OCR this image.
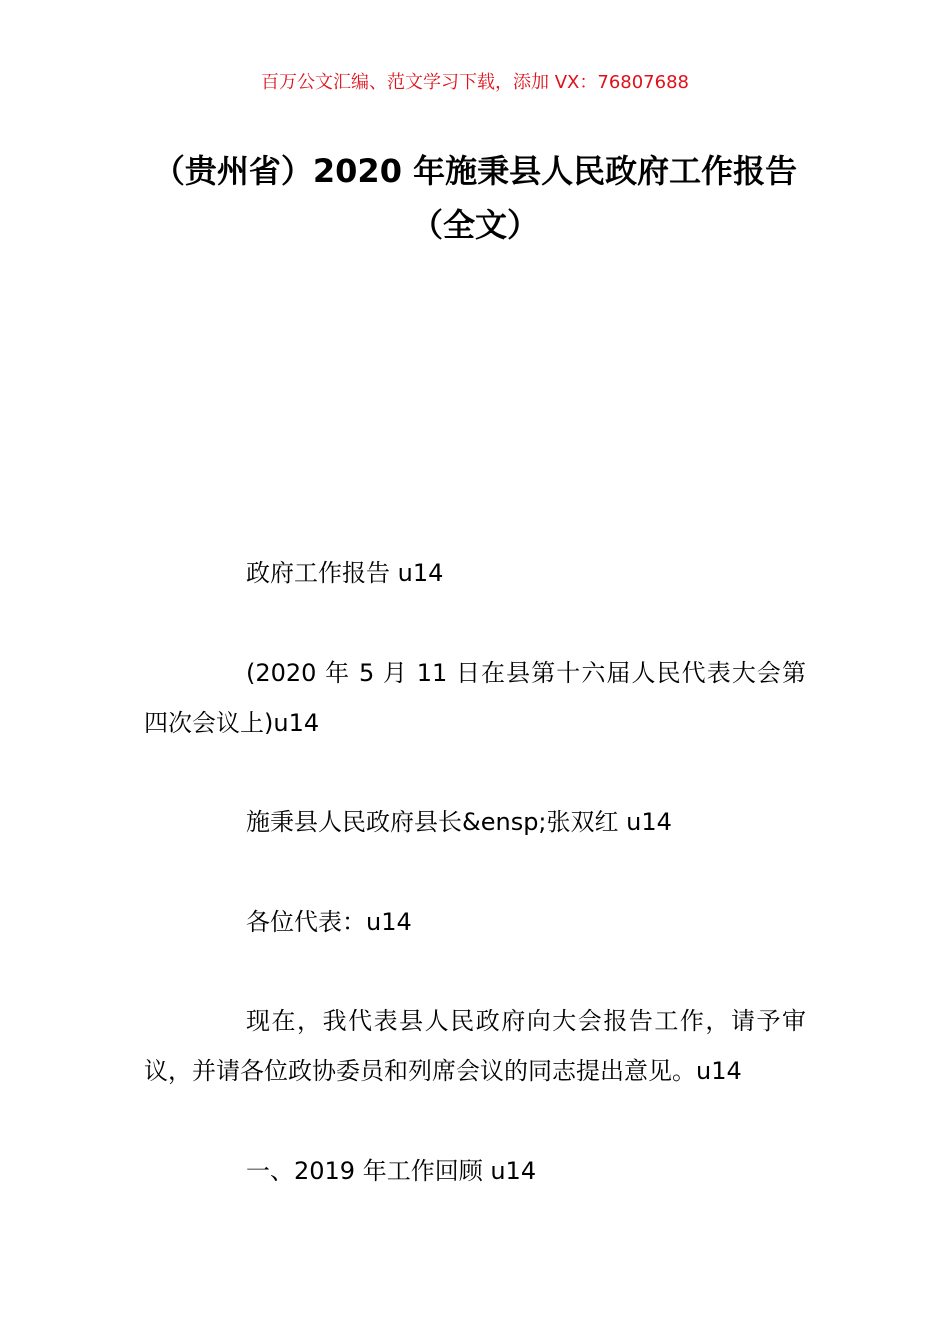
百万公文汇编、范文学习下载，添加 VX：76807688
（贵州省）2020 年施秉县人民政府工作报告（全文）
政府工作报告 u14
(2020 年 5 月 11 日在县第十六届人民代表大会第四次会议上)u14
施秉县人民政府县长&ensp;张双红 u14
各位代表：u14
现在，我代表县人民政府向大会报告工作，请予审议，并请各位政协委员和列席会议的同志提出意见。u14
一、2019 年工作回顾 u14
